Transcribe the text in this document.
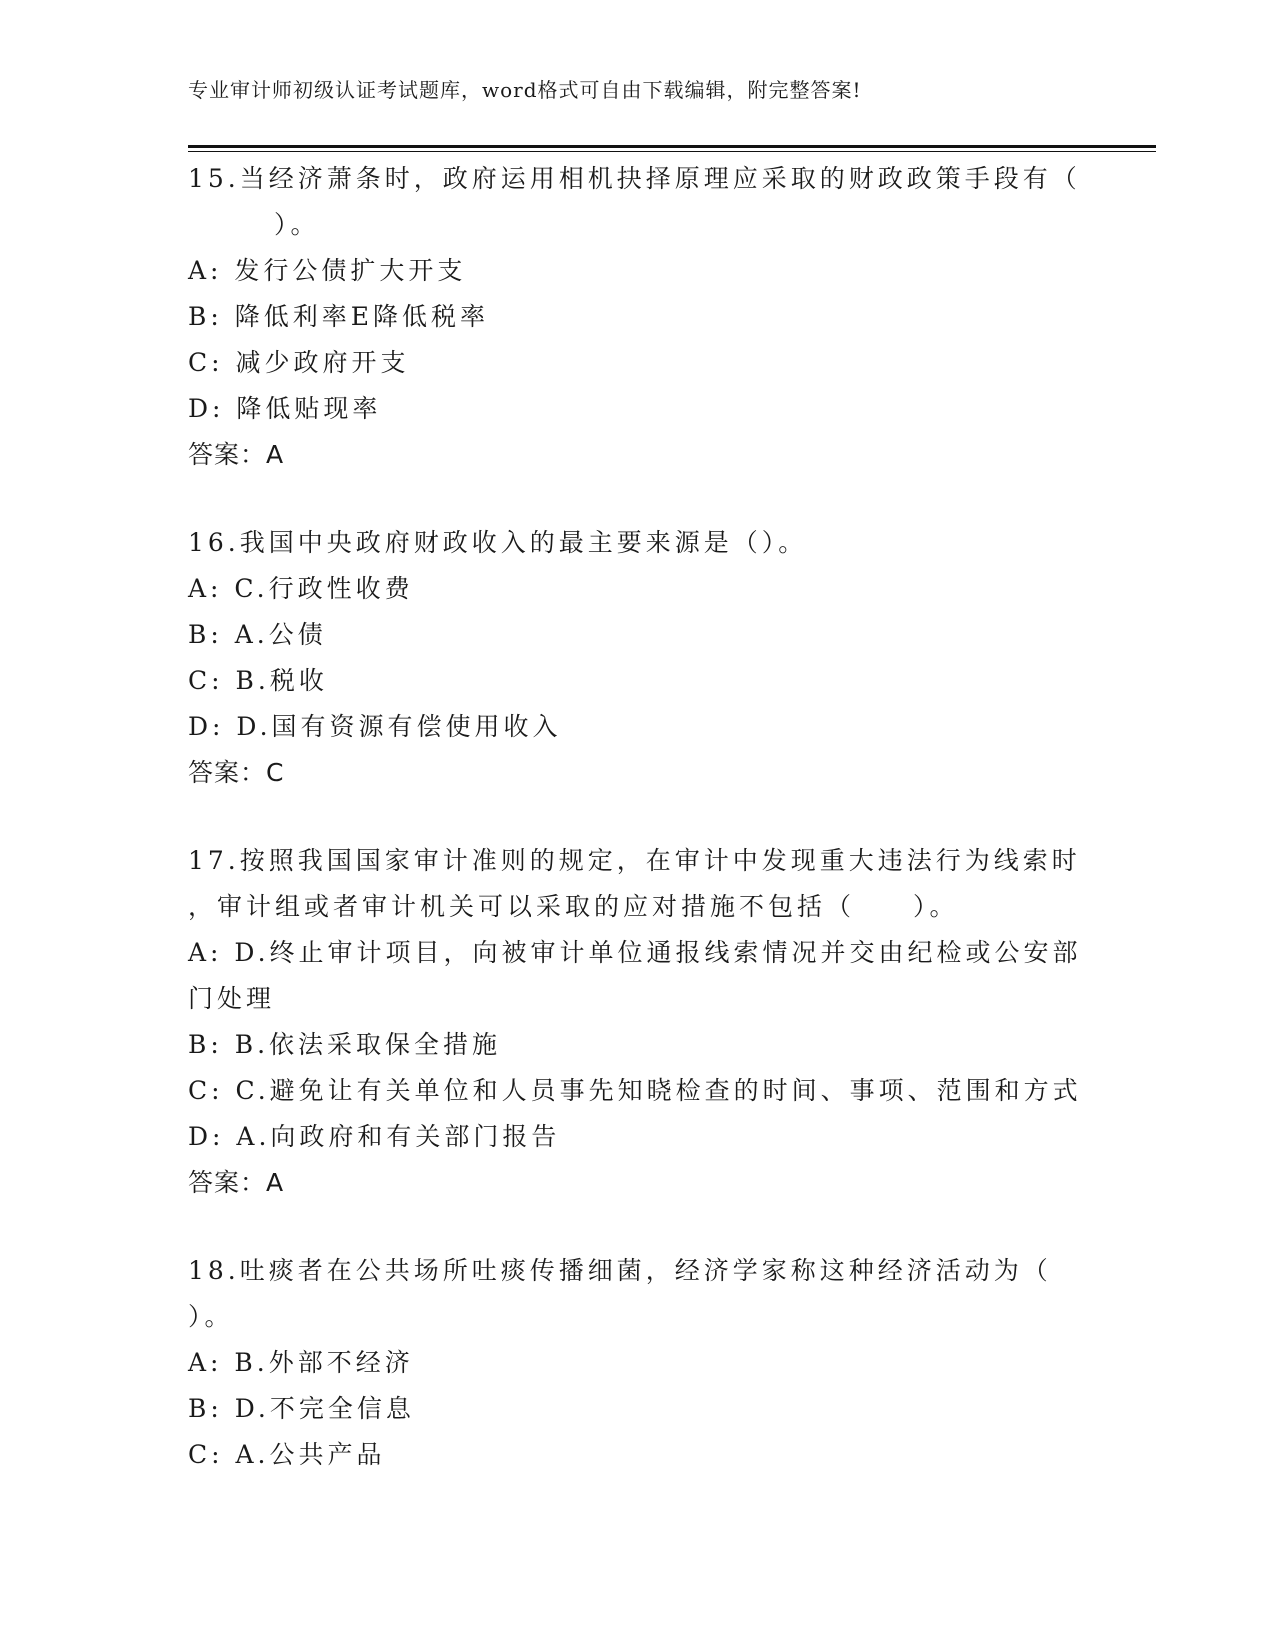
专业审计师初级认证考试题库，word格式可自由下载编辑，附完整答案!
15.当经济萧条时，政府运用相机抉择原理应采取的财政政策手段有（
）。
A: 发行公债扩大开支
B: 降低利率E降低税率
C: 减少政府开支
D: 降低贴现率
答案：A
16.我国中央政府财政收入的最主要来源是（）。
A: C.行政性收费
B: A.公债
C: B.税收
D: D.国有资源有偿使用收入
答案：C
17.按照我国国家审计准则的规定，在审计中发现重大违法行为线索时
，审计组或者审计机关可以采取的应对措施不包括（　　）。
A: D.终止审计项目，向被审计单位通报线索情况并交由纪检或公安部
门处理
B: B.依法采取保全措施
C: C.避免让有关单位和人员事先知晓检查的时间、事项、范围和方式
D: A.向政府和有关部门报告
答案：A
18.吐痰者在公共场所吐痰传播细菌，经济学家称这种经济活动为（
）。
A: B.外部不经济
B: D.不完全信息
C: A.公共产品
